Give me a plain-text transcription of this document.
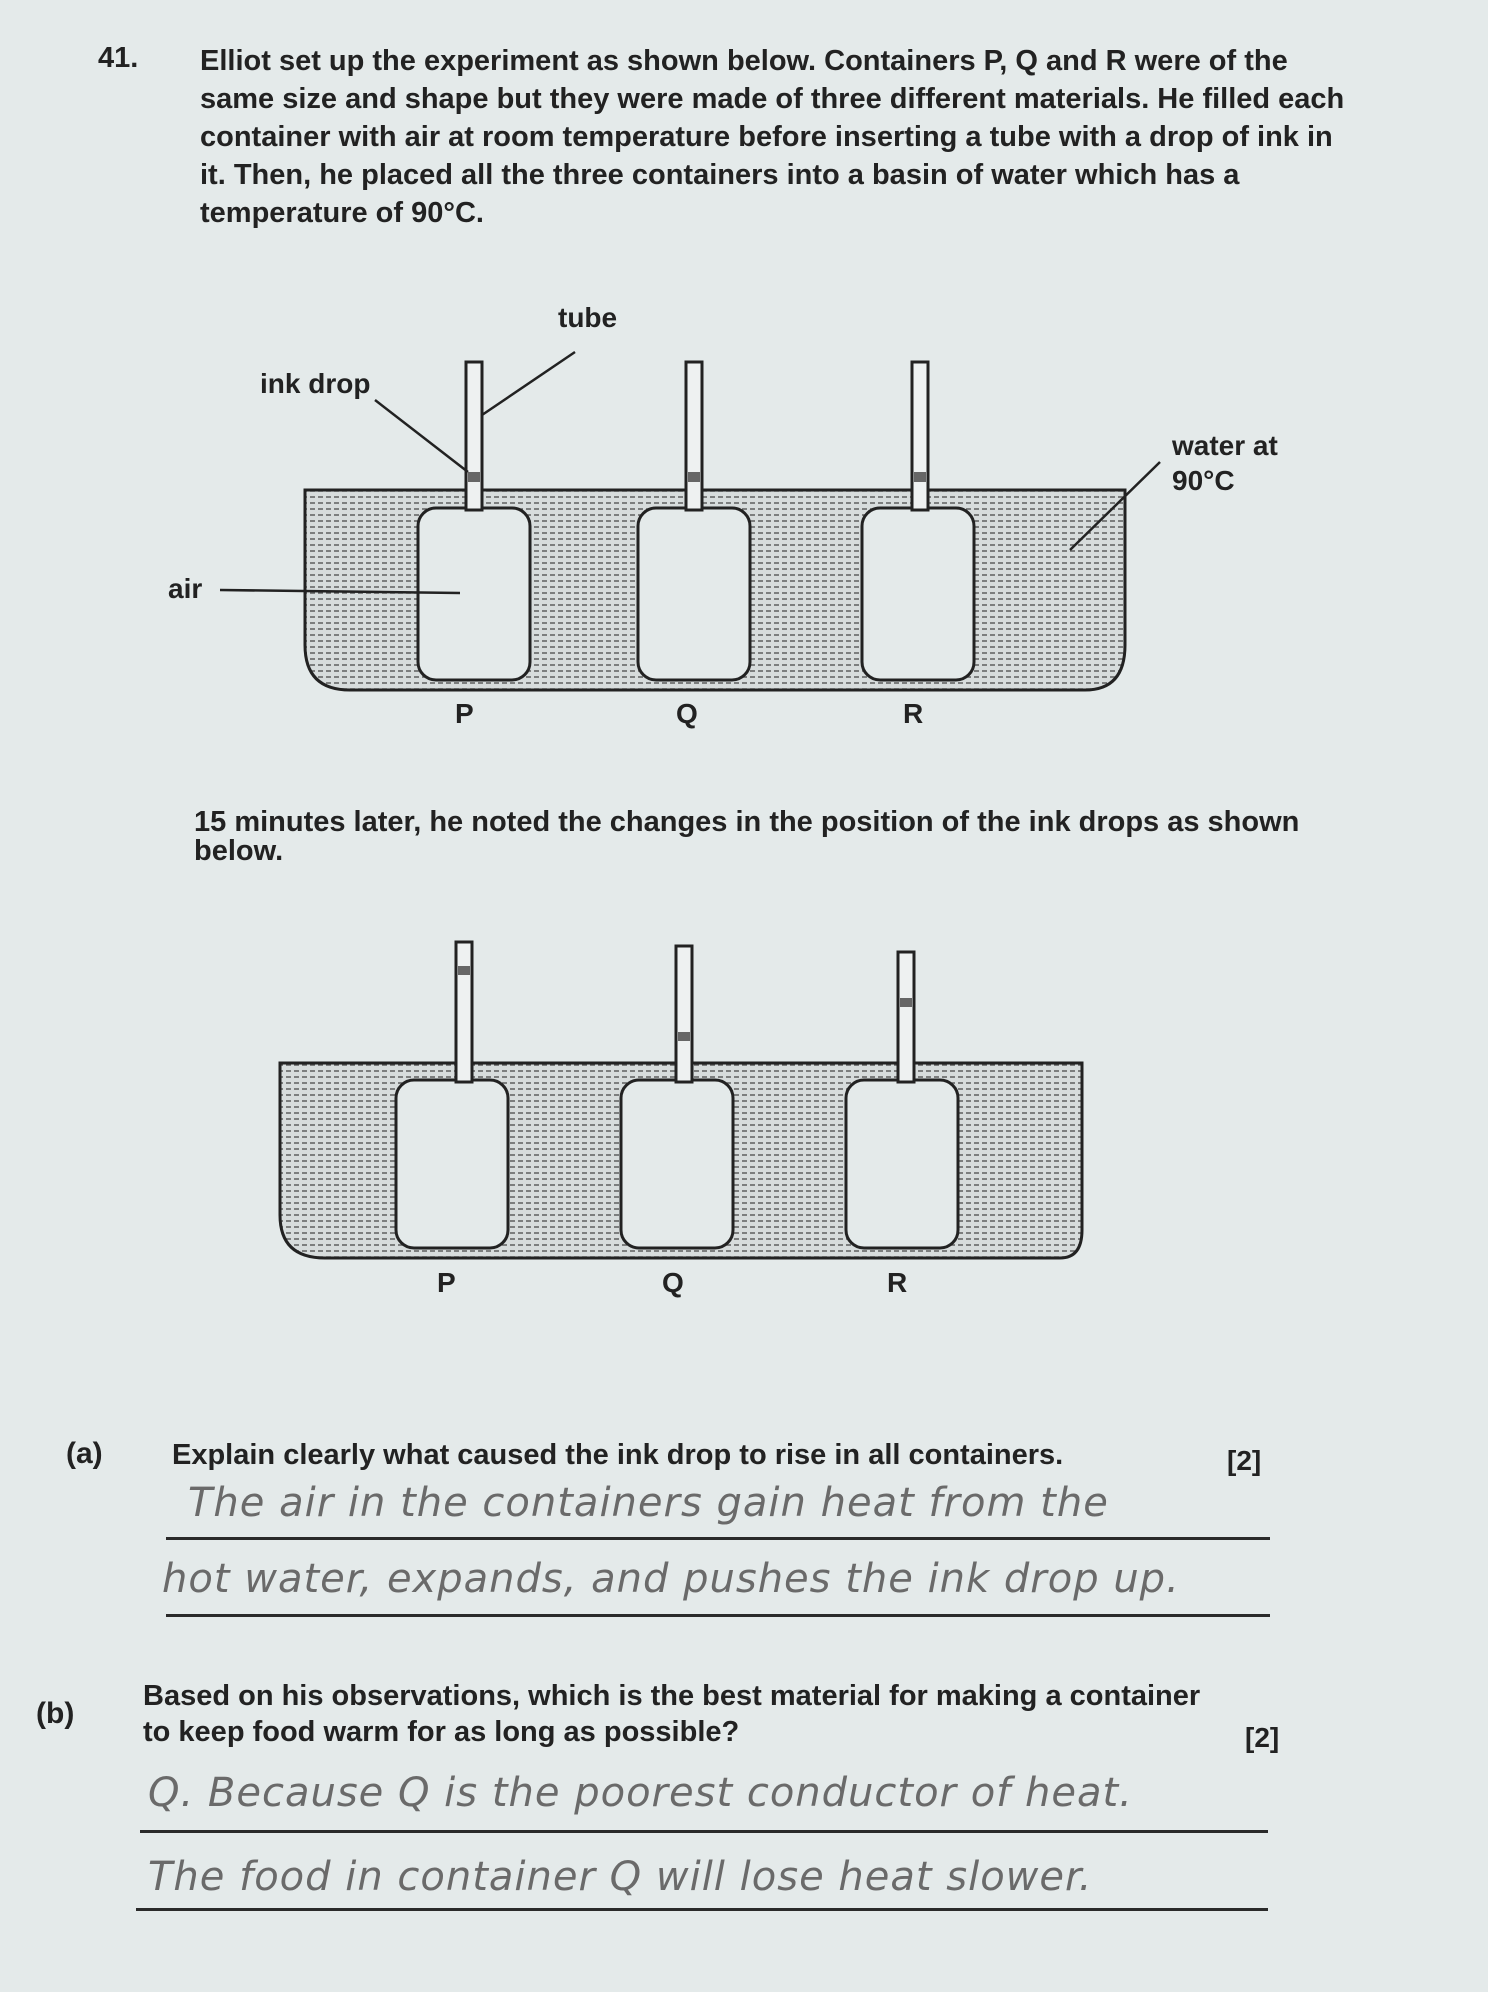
41. Elliot set up the experiment as shown below. Containers P, Q and R were of the same size and shape but they were made of three different materials. He filled each container with air at room temperature before inserting a tube with a drop of ink in it. Then, he placed all the three containers into a basin of water which has a temperature of 90°C.
tube
ink drop
water at
90°C
air
P	Q	R
15 minutes later, he noted the changes in the position of the ink drops as shown below.
P	Q	R
(a) Explain clearly what caused the ink drop to rise in all containers.	[2]
The air in the containers gain heat from the
hot water, expands, and pushes the ink drop up.
(b)
Based on his observations, which is the best material for making a container
to keep food warm for as long as possible?	[2]
Q. Because Q is the poorest conductor of heat.
The food in container Q will lose heat slower.
